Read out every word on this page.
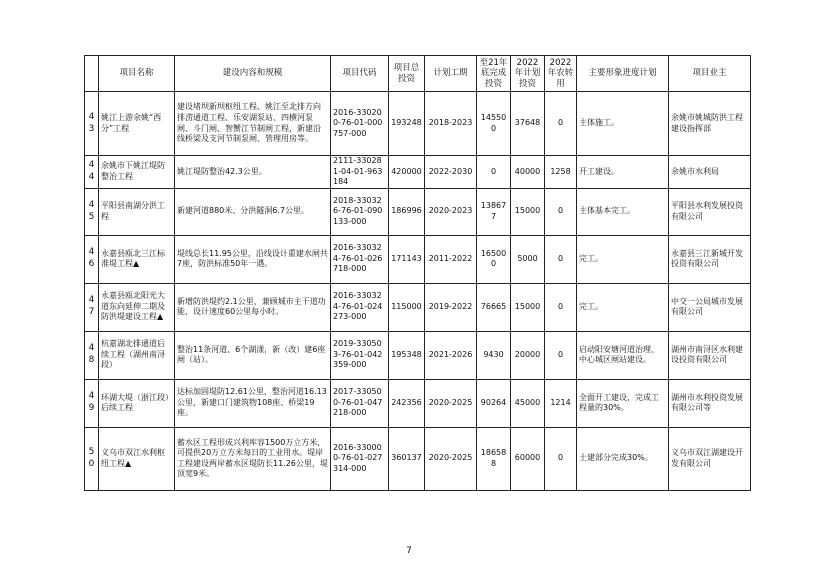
	项目名称	建设内容和规模	项目代码	项目总投资	计划工期	至21年底完成投资	2022年计划投资	2022年农转用	主要形象进度计划	项目业主
43	姚江上游余姚“西分”工程	建设堵坝新坝枢纽工程、姚江至北排方向排涝通道工程、乐安湖泵站、四横河泵闸、斗门闸、智蟹江节制闸工程，新建沿线桥梁及支河节制泵闸、管理用房等。	2016-330200-76-01-000757-000	193248	2018-2023	145500	37648	0	主体施工。	余姚市姚城防洪工程建设指挥部
44	余姚市下姚江堤防整治工程	姚江堤防整治42.3公里。	2111-330281-04-01-963184	420000	2022-2030	0	40000	1258	开工建设。	余姚市水利局
45	平阳县南湖分洪工程	新建河道880米、分洪隧洞6.7公里。	2018-330326-76-01-090133-000	186996	2020-2023	138677	15000	0	主体基本完工。	平阳县水利发展投资有限公司
46	永嘉县瓯北三江标准堤工程▲	堤线总长11.95公里，沿线设计重建水闸共7座，防洪标准50年一遇。	2016-330324-76-01-026718-000	171143	2011-2022	165000	5000	0	完工。	永嘉县三江新城开发投资有限公司
47	永嘉县瓯北阳光大道东向延伸二期及防洪堤建设工程▲	新增防洪堤约2.1公里，兼顾城市主干道功能，设计速度60公里每小时。	2016-330324-76-01-024273-000	115000	2019-2022	76665	15000	0	完工。	中交一公局城市发展有限公司
48	杭嘉湖北排通道后续工程（湖州南浔段）	整治11条河道、6个湖漾，新（改）建6座闸（站）。	2019-330503-76-01-042359-000	195348	2021-2026	9430	20000	0	启动阳安塘河道治理、中心城区闸站建设。	湖州市南浔区水利建设投资有限公司
49	环湖大堤（浙江段）后续工程	达标加固堤防12.61公里，整治河道16.13公里，新建口门建筑物108座、桥梁19座。	2017-330500-76-01-047218-000	242356	2020-2025	90264	45000	1214	全面开工建设，完成工程量的30%。	湖州市水利投资发展有限公司等
50	义乌市双江水利枢纽工程▲	蓄水区工程形成兴利库容1500万立方米，可提供20万立方米每日的工业用水。堤岸工程建设两岸蓄水区堤防长11.26公里，堤顶宽9米。	2016-330000-76-01-027314-000	360137	2020-2025	186588	60000	0	土建部分完成30%。	义乌市双江湖建设开发有限公司
7
